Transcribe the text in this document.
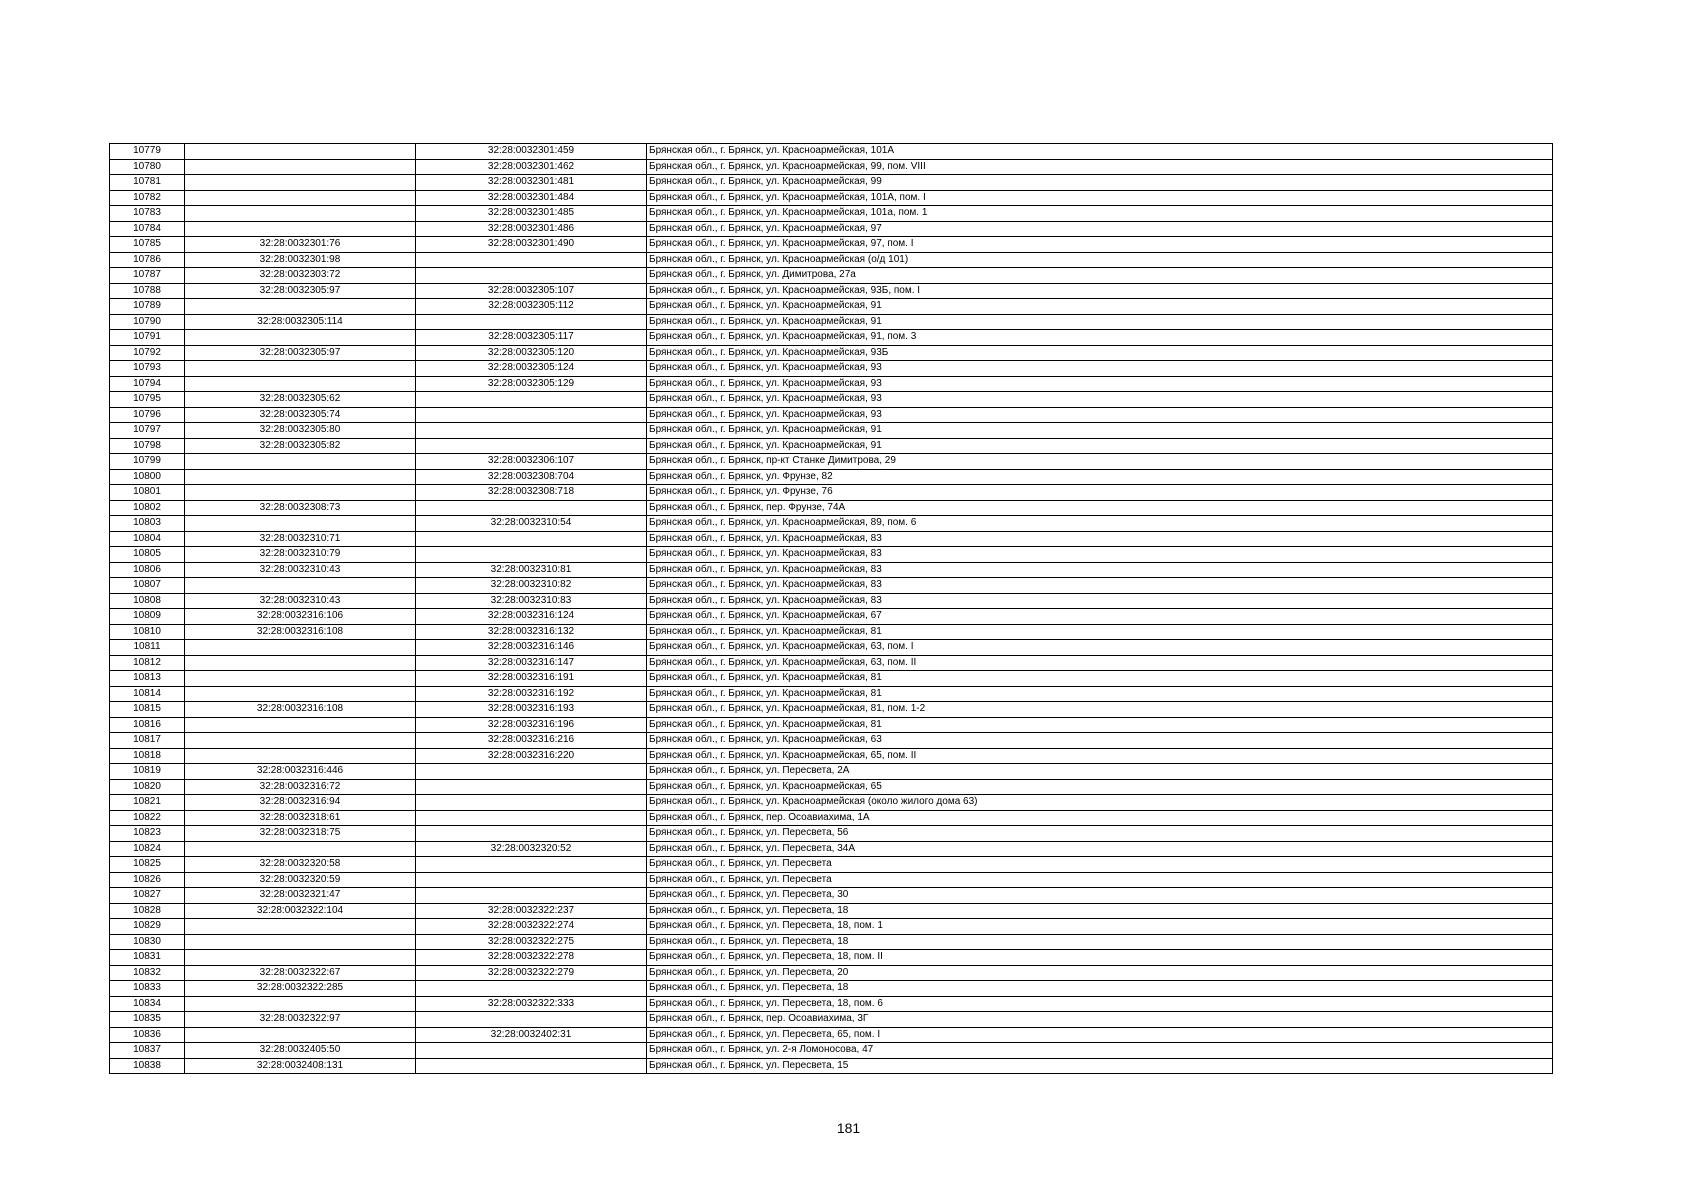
10779		32:28:0032301:459	Брянская обл., г. Брянск, ул. Красноармейская, 101А
10780		32:28:0032301:462	Брянская обл., г. Брянск, ул. Красноармейская, 99, пом. VIII
10781		32:28:0032301:481	Брянская обл., г. Брянск, ул. Красноармейская, 99
10782		32:28:0032301:484	Брянская обл., г. Брянск, ул. Красноармейская, 101А, пом. I
10783		32:28:0032301:485	Брянская обл., г. Брянск, ул. Красноармейская, 101а, пом. 1
10784		32:28:0032301:486	Брянская обл., г. Брянск, ул. Красноармейская, 97
10785	32:28:0032301:76	32:28:0032301:490	Брянская обл., г. Брянск, ул. Красноармейская, 97, пом. I
10786	32:28:0032301:98		Брянская обл., г. Брянск, ул. Красноармейская (о/д 101)
10787	32:28:0032303:72		Брянская обл., г. Брянск, ул. Димитрова, 27а
10788	32:28:0032305:97	32:28:0032305:107	Брянская обл., г. Брянск, ул. Красноармейская, 93Б, пом. I
10789		32:28:0032305:112	Брянская обл., г. Брянск, ул. Красноармейская, 91
10790	32:28:0032305:114		Брянская обл., г. Брянск, ул. Красноармейская, 91
10791		32:28:0032305:117	Брянская обл., г. Брянск, ул. Красноармейская, 91, пом. 3
10792	32:28:0032305:97	32:28:0032305:120	Брянская обл., г. Брянск, ул. Красноармейская, 93Б
10793		32:28:0032305:124	Брянская обл., г. Брянск, ул. Красноармейская, 93
10794		32:28:0032305:129	Брянская обл., г. Брянск, ул. Красноармейская, 93
10795	32:28:0032305:62		Брянская обл., г. Брянск, ул. Красноармейская, 93
10796	32:28:0032305:74		Брянская обл., г. Брянск, ул. Красноармейская, 93
10797	32:28:0032305:80		Брянская обл., г. Брянск, ул. Красноармейская, 91
10798	32:28:0032305:82		Брянская обл., г. Брянск, ул. Красноармейская, 91
10799		32:28:0032306:107	Брянская обл., г. Брянск, пр-кт Станке Димитрова, 29
10800		32:28:0032308:704	Брянская обл., г. Брянск, ул. Фрунзе, 82
10801		32:28:0032308:718	Брянская обл., г. Брянск, ул. Фрунзе, 76
10802	32:28:0032308:73		Брянская обл., г. Брянск, пер. Фрунзе, 74А
10803		32:28:0032310:54	Брянская обл., г. Брянск, ул. Красноармейская, 89, пом. 6
10804	32:28:0032310:71		Брянская обл., г. Брянск, ул. Красноармейская, 83
10805	32:28:0032310:79		Брянская обл., г. Брянск, ул. Красноармейская, 83
10806	32:28:0032310:43	32:28:0032310:81	Брянская обл., г. Брянск, ул. Красноармейская, 83
10807		32:28:0032310:82	Брянская обл., г. Брянск, ул. Красноармейская, 83
10808	32:28:0032310:43	32:28:0032310:83	Брянская обл., г. Брянск, ул. Красноармейская, 83
10809	32:28:0032316:106	32:28:0032316:124	Брянская обл., г. Брянск, ул. Красноармейская, 67
10810	32:28:0032316:108	32:28:0032316:132	Брянская обл., г. Брянск, ул. Красноармейская, 81
10811		32:28:0032316:146	Брянская обл., г. Брянск, ул. Красноармейская, 63, пом. I
10812		32:28:0032316:147	Брянская обл., г. Брянск, ул. Красноармейская, 63, пом. II
10813		32:28:0032316:191	Брянская обл., г. Брянск, ул. Красноармейская, 81
10814		32:28:0032316:192	Брянская обл., г. Брянск, ул. Красноармейская, 81
10815	32:28:0032316:108	32:28:0032316:193	Брянская обл., г. Брянск, ул. Красноармейская, 81, пом. 1-2
10816		32:28:0032316:196	Брянская обл., г. Брянск, ул. Красноармейская, 81
10817		32:28:0032316:216	Брянская обл., г. Брянск, ул. Красноармейская, 63
10818		32:28:0032316:220	Брянская обл., г. Брянск, ул. Красноармейская, 65, пом. II
10819	32:28:0032316:446		Брянская обл., г. Брянск, ул. Пересвета, 2А
10820	32:28:0032316:72		Брянская обл., г. Брянск, ул. Красноармейская, 65
10821	32:28:0032316:94		Брянская обл., г. Брянск, ул. Красноармейская (около жилого дома 63)
10822	32:28:0032318:61		Брянская обл., г. Брянск, пер. Осоавиахима, 1А
10823	32:28:0032318:75		Брянская обл., г. Брянск, ул. Пересвета, 56
10824		32:28:0032320:52	Брянская обл., г. Брянск, ул. Пересвета, 34А
10825	32:28:0032320:58		Брянская обл., г. Брянск, ул. Пересвета
10826	32:28:0032320:59		Брянская обл., г. Брянск, ул. Пересвета
10827	32:28:0032321:47		Брянская обл., г. Брянск, ул. Пересвета, 30
10828	32:28:0032322:104	32:28:0032322:237	Брянская обл., г. Брянск, ул. Пересвета, 18
10829		32:28:0032322:274	Брянская обл., г. Брянск, ул. Пересвета, 18, пом. 1
10830		32:28:0032322:275	Брянская обл., г. Брянск, ул. Пересвета, 18
10831		32:28:0032322:278	Брянская обл., г. Брянск, ул. Пересвета, 18, пом. II
10832	32:28:0032322:67	32:28:0032322:279	Брянская обл., г. Брянск, ул. Пересвета, 20
10833	32:28:0032322:285		Брянская обл., г. Брянск, ул. Пересвета, 18
10834		32:28:0032322:333	Брянская обл., г. Брянск, ул. Пересвета, 18, пом. 6
10835	32:28:0032322:97		Брянская обл., г. Брянск, пер. Осоавиахима, 3Г
10836		32:28:0032402:31	Брянская обл., г. Брянск, ул. Пересвета, 65, пом. I
10837	32:28:0032405:50		Брянская обл., г. Брянск, ул. 2-я Ломоносова, 47
10838	32:28:0032408:131		Брянская обл., г. Брянск, ул. Пересвета, 15
181
